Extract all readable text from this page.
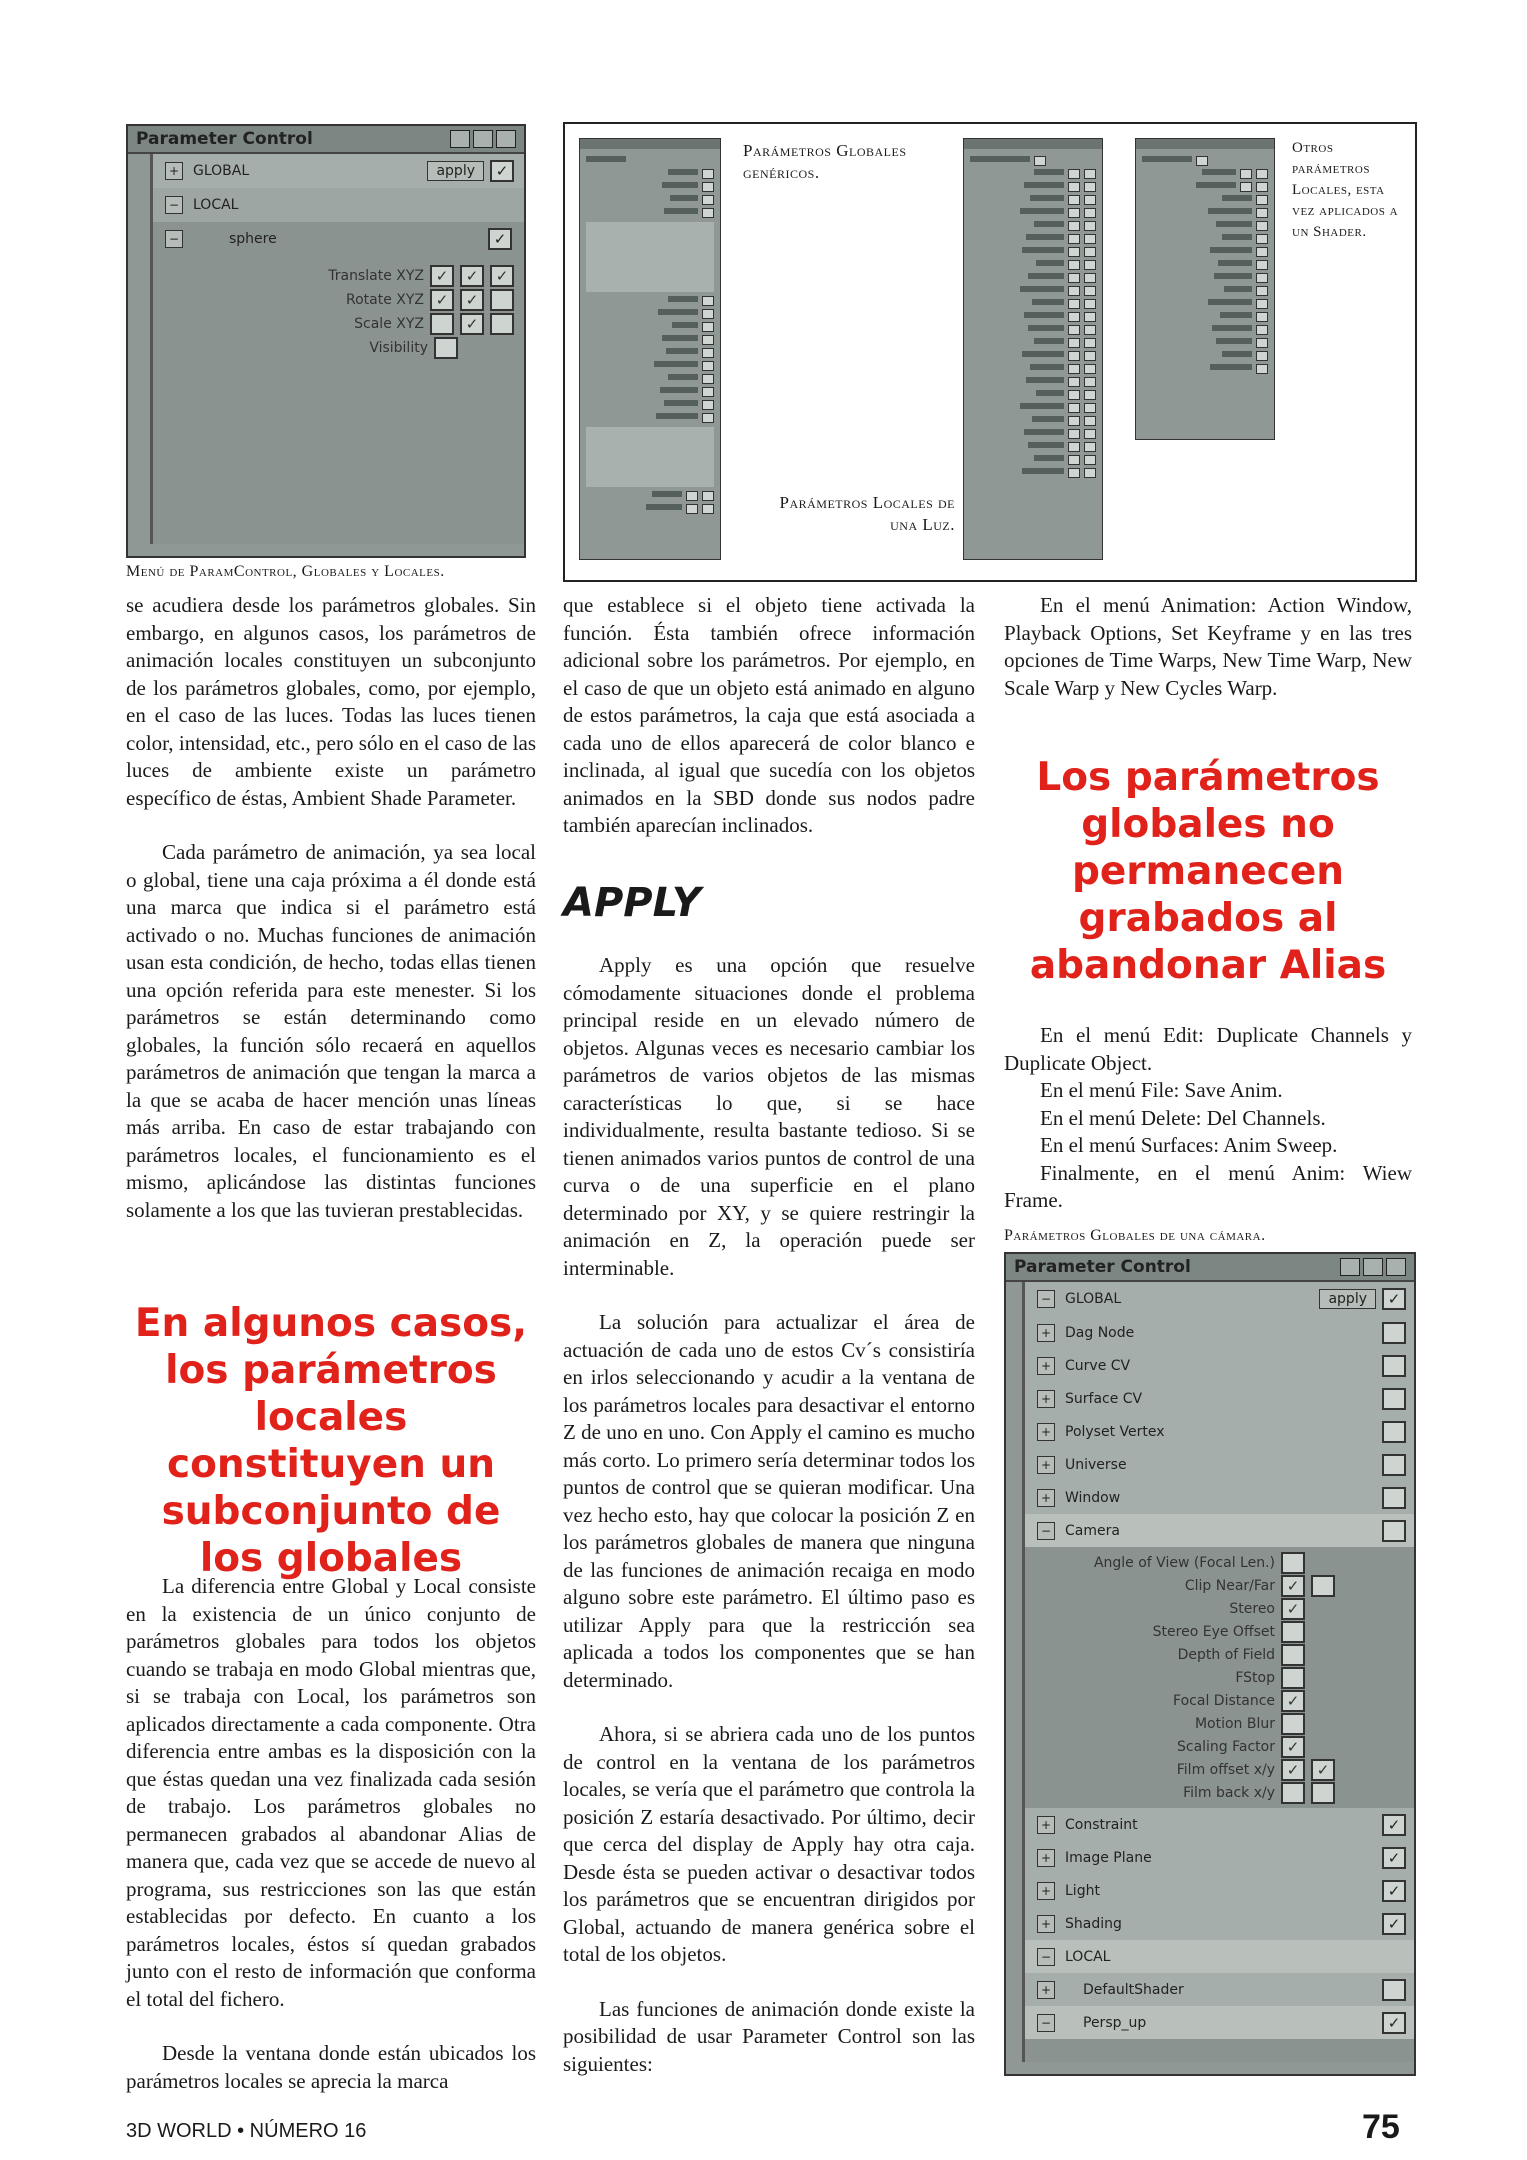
Parameter Control
+ GLOBAL	apply	✓
− LOCAL
−	sphere	✓
Translate XYZ ✓	✓	✓
Rotate XYZ ✓	✓
Scale XYZ	✓
Visibility
Menú de ParamControl, Globales y Locales.
Parámetros Globales genéricos.
Parámetros Locales de una Luz.
Otros parámetros Locales, esta vez aplicados a un Shader.

se acudiera desde los parámetros globales. Sin embargo, en algunos casos, los parámetros de animación locales constituyen un subconjunto de los parámetros globales, como, por ejemplo, en el caso de las luces. Todas las luces tienen color, intensidad, etc., pero sólo en el caso de las luces de ambiente existe un parámetro específico de éstas, Ambient Shade Parameter.

Cada parámetro de animación, ya sea local o global, tiene una caja próxima a él donde está una marca que indica si el parámetro está activado o no. Muchas funciones de animación usan esta condición, de hecho, todas ellas tienen una opción referida para este menester. Si los parámetros se están determinando como globales, la función sólo recaerá en aquellos parámetros de animación que tengan la marca a la que se acaba de hacer mención unas líneas más arriba. En caso de estar trabajando con parámetros locales, el funcionamiento es el mismo, aplicándose las distintas funciones solamente a los que las tuvieran prestablecidas.

En algunos casos, los parámetros locales constituyen un subconjunto de los globales

La diferencia entre Global y Local consiste en la existencia de un único conjunto de parámetros globales para todos los objetos cuando se trabaja en modo Global mientras que, si se trabaja con Local, los parámetros son aplicados directamente a cada componente. Otra diferencia entre ambas es la disposición con la que éstas quedan una vez finalizada cada sesión de trabajo. Los parámetros globales no permanecen grabados al abandonar Alias de manera que, cada vez que se accede de nuevo al programa, sus restricciones son las que están establecidas por defecto. En cuanto a los parámetros locales, éstos sí quedan grabados junto con el resto de información que conforma el total del fichero.

Desde la ventana donde están ubicados los parámetros locales se aprecia la marca

que establece si el objeto tiene activada la función. Ésta también ofrece información adicional sobre los parámetros. Por ejemplo, en el caso de que un objeto está animado en alguno de estos parámetros, la caja que está asociada a cada uno de ellos aparecerá de color blanco e inclinada, al igual que sucedía con los objetos animados en la SBD donde sus nodos padre también aparecían inclinados.

APPLY

Apply es una opción que resuelve cómodamente situaciones donde el problema principal reside en un elevado número de objetos. Algunas veces es necesario cambiar los parámetros de varios objetos de las mismas características lo que, si se hace individualmente, resulta bastante tedioso. Si se tienen animados varios puntos de control de una curva o de una superficie en el plano determinado por XY, y se quiere restringir la animación en Z, la operación puede ser interminable.

La solución para actualizar el área de actuación de cada uno de estos Cv´s consistiría en irlos seleccionando y acudir a la ventana de los parámetros locales para desactivar el entorno Z de uno en uno. Con Apply el camino es mucho más corto. Lo primero sería determinar todos los puntos de control que se quieran modificar. Una vez hecho esto, hay que colocar la posición Z en los parámetros globales de manera que ninguna de las funciones de animación recaiga en modo alguno sobre este parámetro. El último paso es utilizar Apply para que la restricción sea aplicada a todos los componentes que se han determinado.

Ahora, si se abriera cada uno de los puntos de control en la ventana de los parámetros locales, se vería que el parámetro que controla la posición Z estaría desactivado. Por último, decir que cerca del display de Apply hay otra caja. Desde ésta se pueden activar o desactivar todos los parámetros que se encuentran dirigidos por Global, actuando de manera genérica sobre el total de los objetos.

Las funciones de animación donde existe la posibilidad de usar Parameter Control son las siguientes:

En el menú Animation: Action Window, Playback Options, Set Keyframe y en las tres opciones de Time Warps, New Time Warp, New Scale Warp y New Cycles Warp.

Los parámetros globales no permanecen grabados al abandonar Alias

En el menú Edit: Duplicate Channels y Duplicate Object.

En el menú File: Save Anim.

En el menú Delete: Del Channels.

En el menú Surfaces: Anim Sweep.

Finalmente, en el menú Anim: Wiew Frame.

Parámetros Globales de una cámara.
Parameter Control
− GLOBAL	apply	✓
+ Dag Node
+ Curve CV
+ Surface CV
+ Polyset Vertex
+ Universe
+ Window
− Camera
Angle of View (Focal Len.)
Clip Near/Far ✓
Stereo ✓
Stereo Eye Offset
Depth of Field
FStop
Focal Distance ✓
Motion Blur
Scaling Factor ✓
Film offset x/y ✓	✓
Film back x/y
+ Constraint	✓
+ Image Plane	✓
+ Light	✓
+ Shading	✓
− LOCAL
+ DefaultShader
− Persp_up	✓
3D WORLD • NÚMERO 16	75
